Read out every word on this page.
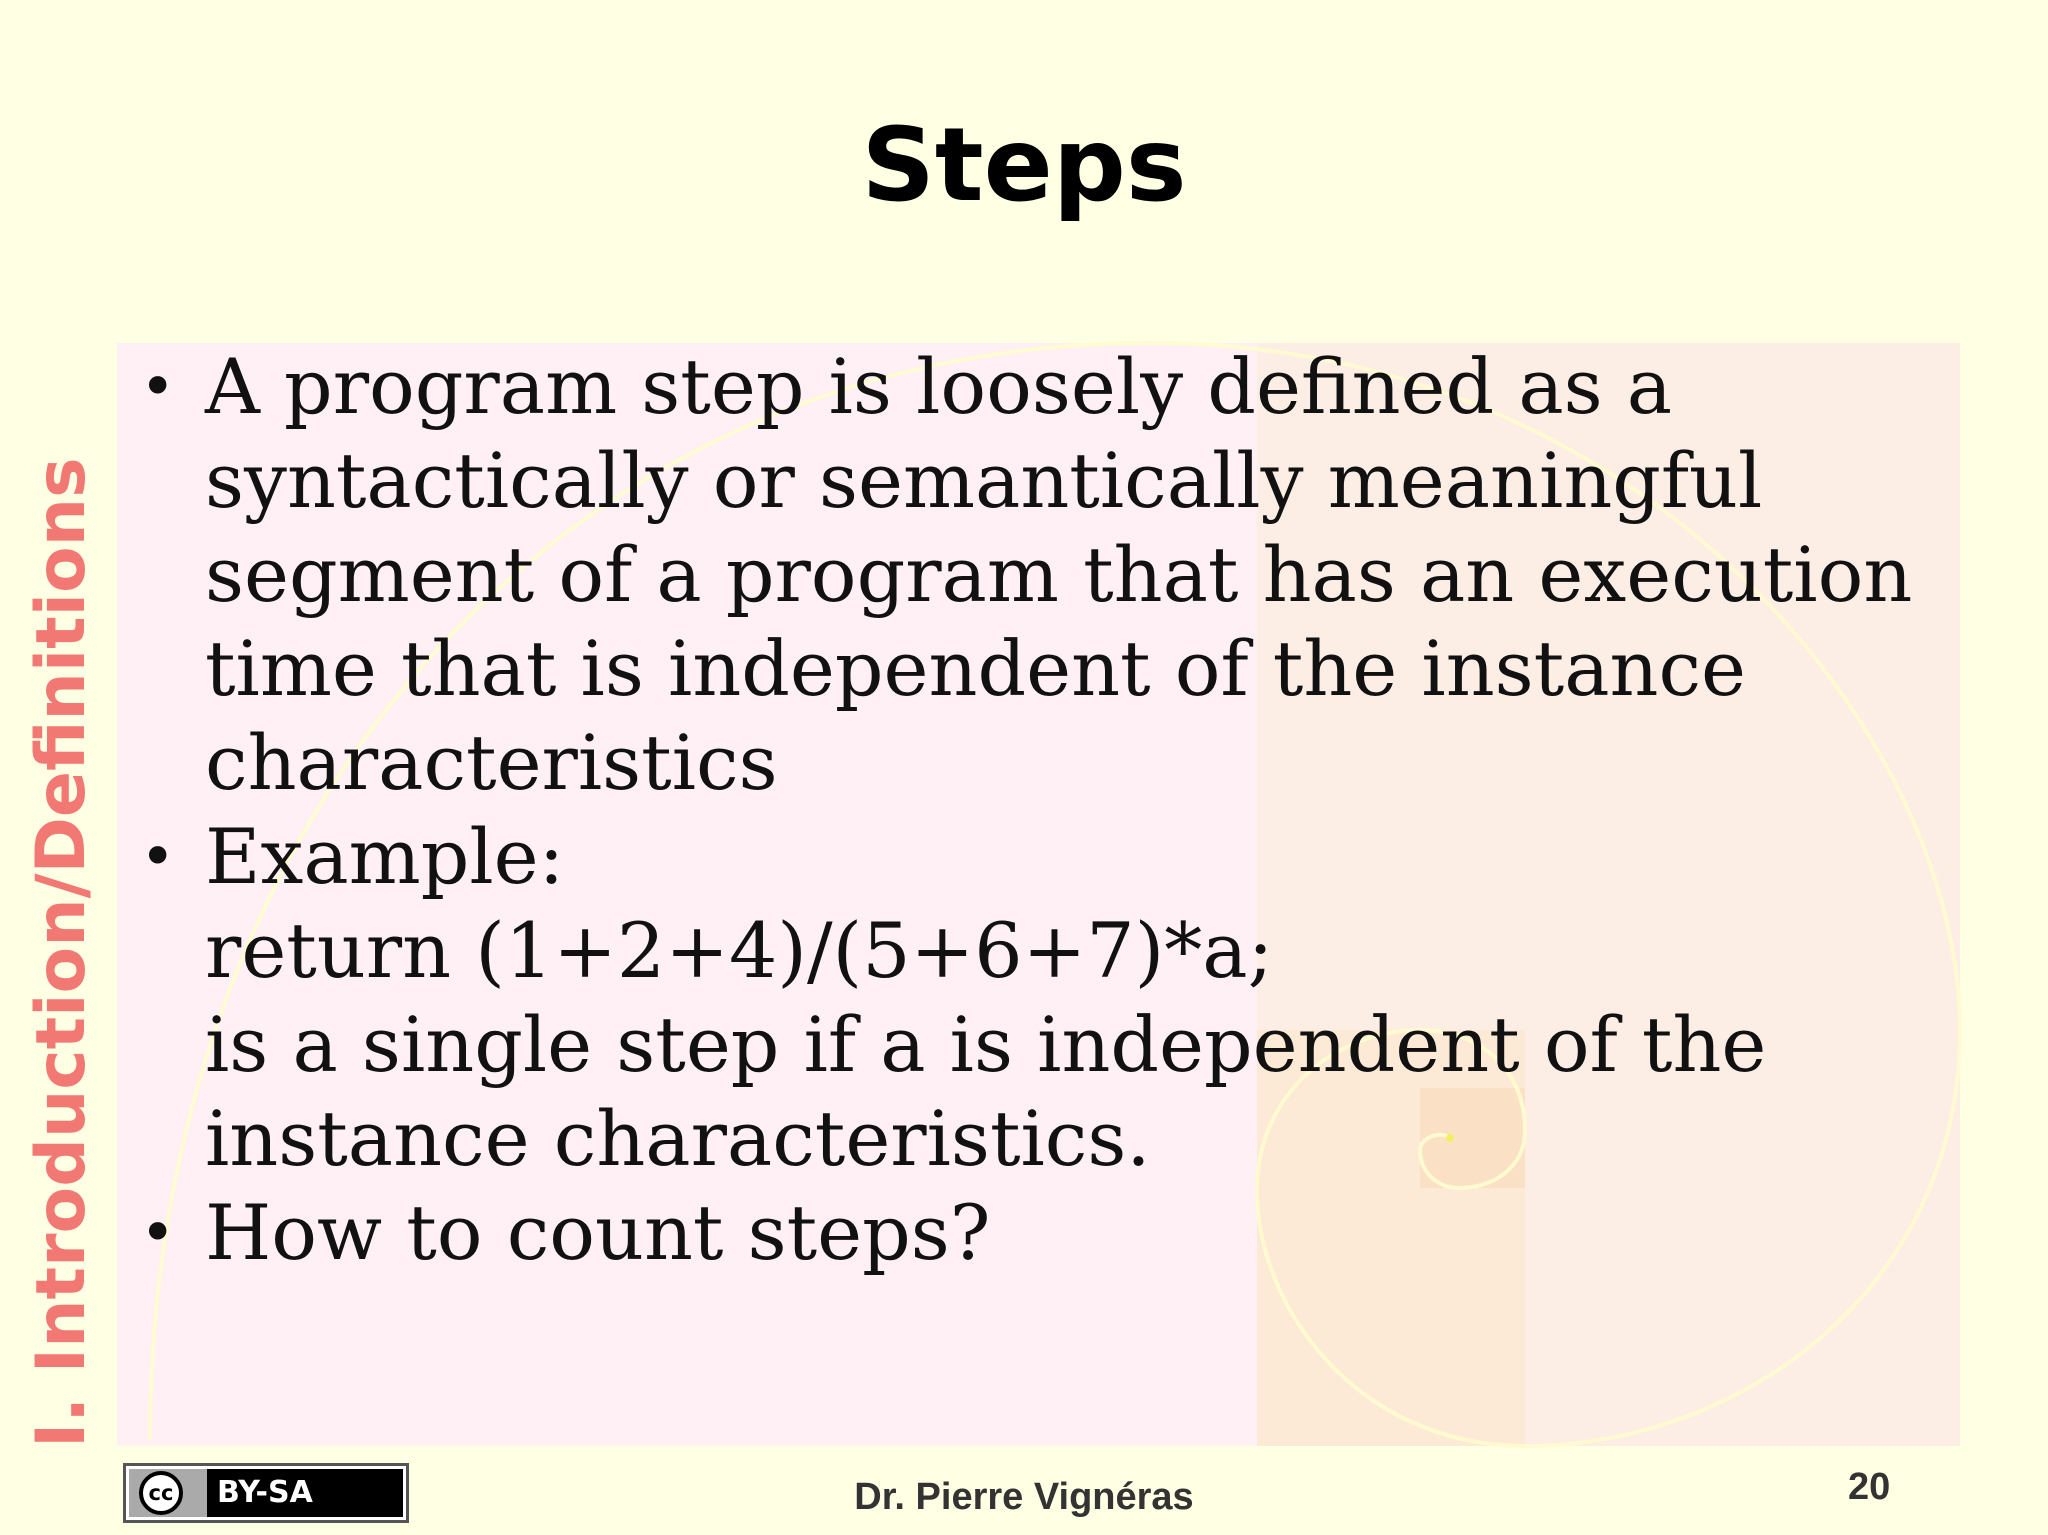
Steps
I. Introduction/Definitions
• A program step is loosely defined as a
syntactically or semantically meaningful
segment of a program that has an execution
time that is independent of the instance
characteristics
• Example:
return (1+2+4)/(5+6+7)*a;
is a single step if a is independent of the
instance characteristics.
• How to count steps?
cc	BY-SA	Dr. Pierre Vignéras	20
